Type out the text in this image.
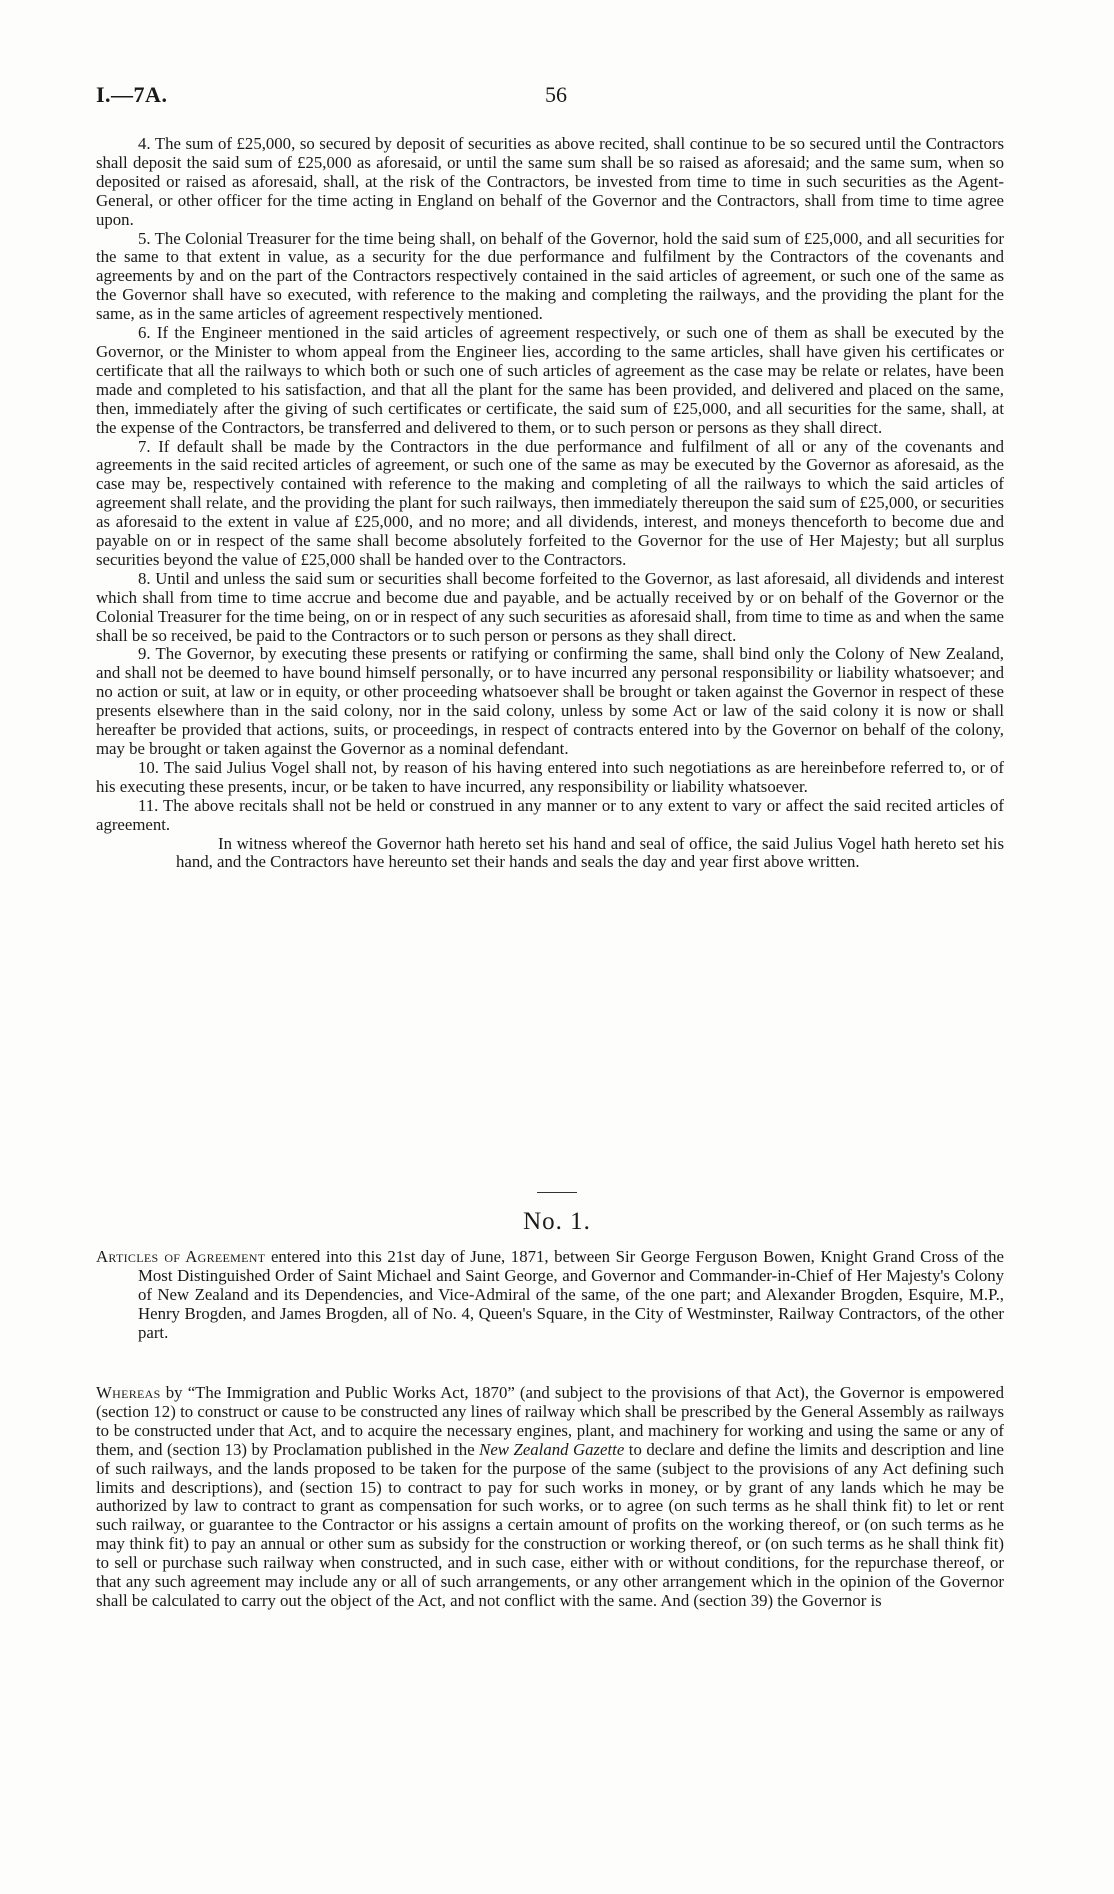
I.—7A.	56

4. The sum of £25,000, so secured by deposit of securities as above recited, shall continue to be so secured until the Contractors shall deposit the said sum of £25,000 as aforesaid, or until the same sum shall be so raised as aforesaid; and the same sum, when so deposited or raised as aforesaid, shall, at the risk of the Contractors, be invested from time to time in such securities as the Agent-General, or other officer for the time acting in England on behalf of the Governor and the Contractors, shall from time to time agree upon.

5. The Colonial Treasurer for the time being shall, on behalf of the Governor, hold the said sum of £25,000, and all securities for the same to that extent in value, as a security for the due performance and fulfilment by the Contractors of the covenants and agreements by and on the part of the Contractors respectively contained in the said articles of agreement, or such one of the same as the Governor shall have so executed, with reference to the making and completing the railways, and the providing the plant for the same, as in the same articles of agreement respectively mentioned.

6. If the Engineer mentioned in the said articles of agreement respectively, or such one of them as shall be executed by the Governor, or the Minister to whom appeal from the Engineer lies, according to the same articles, shall have given his certificates or certificate that all the railways to which both or such one of such articles of agreement as the case may be relate or relates, have been made and completed to his satisfaction, and that all the plant for the same has been provided, and delivered and placed on the same, then, immediately after the giving of such certificates or certificate, the said sum of £25,000, and all securities for the same, shall, at the expense of the Contractors, be transferred and delivered to them, or to such person or persons as they shall direct.

7. If default shall be made by the Contractors in the due performance and fulfilment of all or any of the covenants and agreements in the said recited articles of agreement, or such one of the same as may be executed by the Governor as aforesaid, as the case may be, respectively contained with reference to the making and completing of all the railways to which the said articles of agreement shall relate, and the providing the plant for such railways, then immediately thereupon the said sum of £25,000, or securities as aforesaid to the extent in value af £25,000, and no more; and all dividends, interest, and moneys thenceforth to become due and payable on or in respect of the same shall become absolutely forfeited to the Governor for the use of Her Majesty; but all surplus securities beyond the value of £25,000 shall be handed over to the Contractors.

8. Until and unless the said sum or securities shall become forfeited to the Governor, as last aforesaid, all dividends and interest which shall from time to time accrue and become due and payable, and be actually received by or on behalf of the Governor or the Colonial Treasurer for the time being, on or in respect of any such securities as aforesaid shall, from time to time as and when the same shall be so received, be paid to the Contractors or to such person or persons as they shall direct.

9. The Governor, by executing these presents or ratifying or confirming the same, shall bind only the Colony of New Zealand, and shall not be deemed to have bound himself personally, or to have incurred any personal responsibility or liability whatsoever; and no action or suit, at law or in equity, or other proceeding whatsoever shall be brought or taken against the Governor in respect of these presents elsewhere than in the said colony, nor in the said colony, unless by some Act or law of the said colony it is now or shall hereafter be provided that actions, suits, or proceedings, in respect of contracts entered into by the Governor on behalf of the colony, may be brought or taken against the Governor as a nominal defendant.

10. The said Julius Vogel shall not, by reason of his having entered into such negotiations as are hereinbefore referred to, or of his executing these presents, incur, or be taken to have incurred, any responsibility or liability whatsoever.

11. The above recitals shall not be held or construed in any manner or to any extent to vary or affect the said recited articles of agreement.

In witness whereof the Governor hath hereto set his hand and seal of office, the said Julius Vogel hath hereto set his hand, and the Contractors have hereunto set their hands and seals the day and year first above written.

No. 1.

Articles of Agreement entered into this 21st day of June, 1871, between Sir George Ferguson Bowen, Knight Grand Cross of the Most Distinguished Order of Saint Michael and Saint George, and Governor and Commander-in-Chief of Her Majesty's Colony of New Zealand and its Dependencies, and Vice-Admiral of the same, of the one part; and Alexander Brogden, Esquire, M.P., Henry Brogden, and James Brogden, all of No. 4, Queen's Square, in the City of Westminster, Railway Contractors, of the other part.

Whereas by “The Immigration and Public Works Act, 1870” (and subject to the provisions of that Act), the Governor is empowered (section 12) to construct or cause to be constructed any lines of railway which shall be prescribed by the General Assembly as railways to be constructed under that Act, and to acquire the necessary engines, plant, and machinery for working and using the same or any of them, and (section 13) by Proclamation published in the New Zealand Gazette to declare and define the limits and description and line of such railways, and the lands proposed to be taken for the purpose of the same (subject to the provisions of any Act defining such limits and descriptions), and (section 15) to contract to pay for such works in money, or by grant of any lands which he may be authorized by law to contract to grant as compensation for such works, or to agree (on such terms as he shall think fit) to let or rent such railway, or guarantee to the Contractor or his assigns a certain amount of profits on the working thereof, or (on such terms as he may think fit) to pay an annual or other sum as subsidy for the construction or working thereof, or (on such terms as he shall think fit) to sell or purchase such railway when constructed, and in such case, either with or without conditions, for the repurchase thereof, or that any such agreement may include any or all of such arrangements, or any other arrangement which in the opinion of the Governor shall be calculated to carry out the object of the Act, and not conflict with the same. And (section 39) the Governor is
